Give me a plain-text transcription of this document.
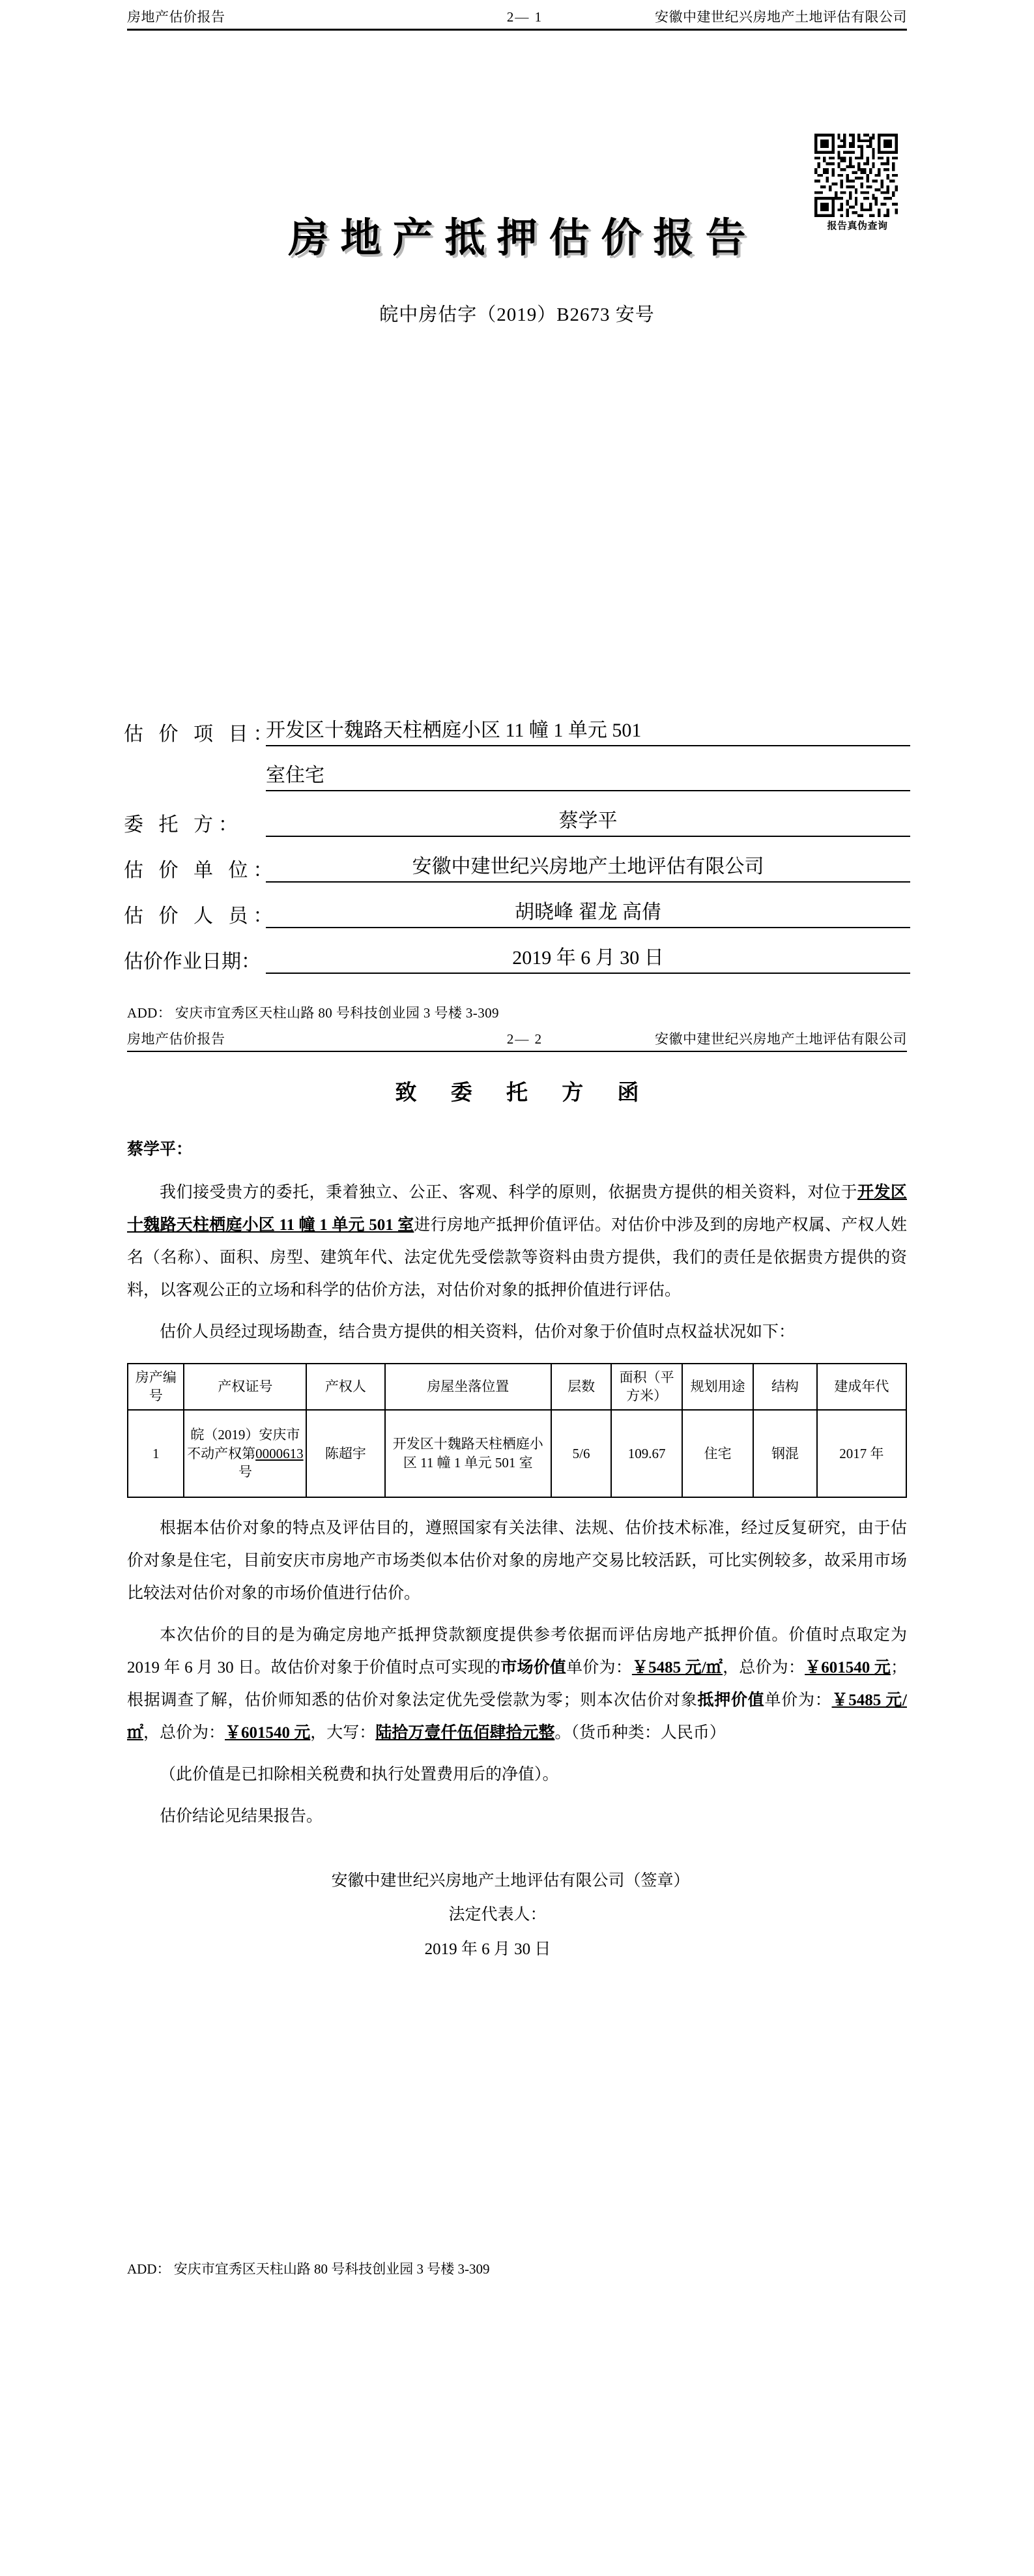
房地产估价报告	2— 1	安徽中建世纪兴房地产土地评估有限公司
报告真伪查询
房地产抵押估价报告
皖中房估字（2019）B2673 安号
估 价 项 目：
开发区十魏路天柱栖庭小区 11 幢 1 单元 501
室住宅
委 托 方：	蔡学平
估 价 单 位：	安徽中建世纪兴房地产土地评估有限公司
估 价 人 员：	胡晓峰 翟龙 高倩
估价作业日期：	2019 年 6 月 30 日
ADD： 安庆市宜秀区天柱山路 80 号科技创业园 3 号楼 3-309
房地产估价报告	2— 2	安徽中建世纪兴房地产土地评估有限公司
致 委 托 方 函
蔡学平：

我们接受贵方的委托，秉着独立、公正、客观、科学的原则，依据贵方提供的相关资料，对位于开发区十魏路天柱栖庭小区 11 幢 1 单元 501 室进行房地产抵押价值评估。对估价中涉及到的房地产权属、产权人姓名（名称）、面积、房型、建筑年代、法定优先受偿款等资料由贵方提供，我们的责任是依据贵方提供的资料，以客观公正的立场和科学的估价方法，对估价对象的抵押价值进行评估。

估价人员经过现场勘查，结合贵方提供的相关资料，估价对象于价值时点权益状况如下：

房产编号	产权证号	产权人	房屋坐落位置	层数	面积（平方米）	规划用途	结构	建成年代
1	皖（2019）安庆市不动产权第0000613号	陈超宇	开发区十魏路天柱栖庭小区 11 幢 1 单元 501 室	5/6	109.67	住宅	钢混	2017 年

根据本估价对象的特点及评估目的，遵照国家有关法律、法规、估价技术标准，经过反复研究，由于估价对象是住宅，目前安庆市房地产市场类似本估价对象的房地产交易比较活跃，可比实例较多，故采用市场比较法对估价对象的市场价值进行估价。

本次估价的目的是为确定房地产抵押贷款额度提供参考依据而评估房地产抵押价值。价值时点取定为 2019 年 6 月 30 日。故估价对象于价值时点可实现的市场价值单价为：￥5485 元/㎡，总价为：￥601540 元；根据调查了解，估价师知悉的估价对象法定优先受偿款为零；则本次估价对象抵押价值单价为：￥5485 元/㎡，总价为：￥601540 元，大写：陆拾万壹仟伍佰肆拾元整。（货币种类：人民币）

（此价值是已扣除相关税费和执行处置费用后的净值）。

估价结论见结果报告。

安徽中建世纪兴房地产土地评估有限公司（签章）
法定代表人：
2019 年 6 月 30 日
ADD： 安庆市宜秀区天柱山路 80 号科技创业园 3 号楼 3-309
